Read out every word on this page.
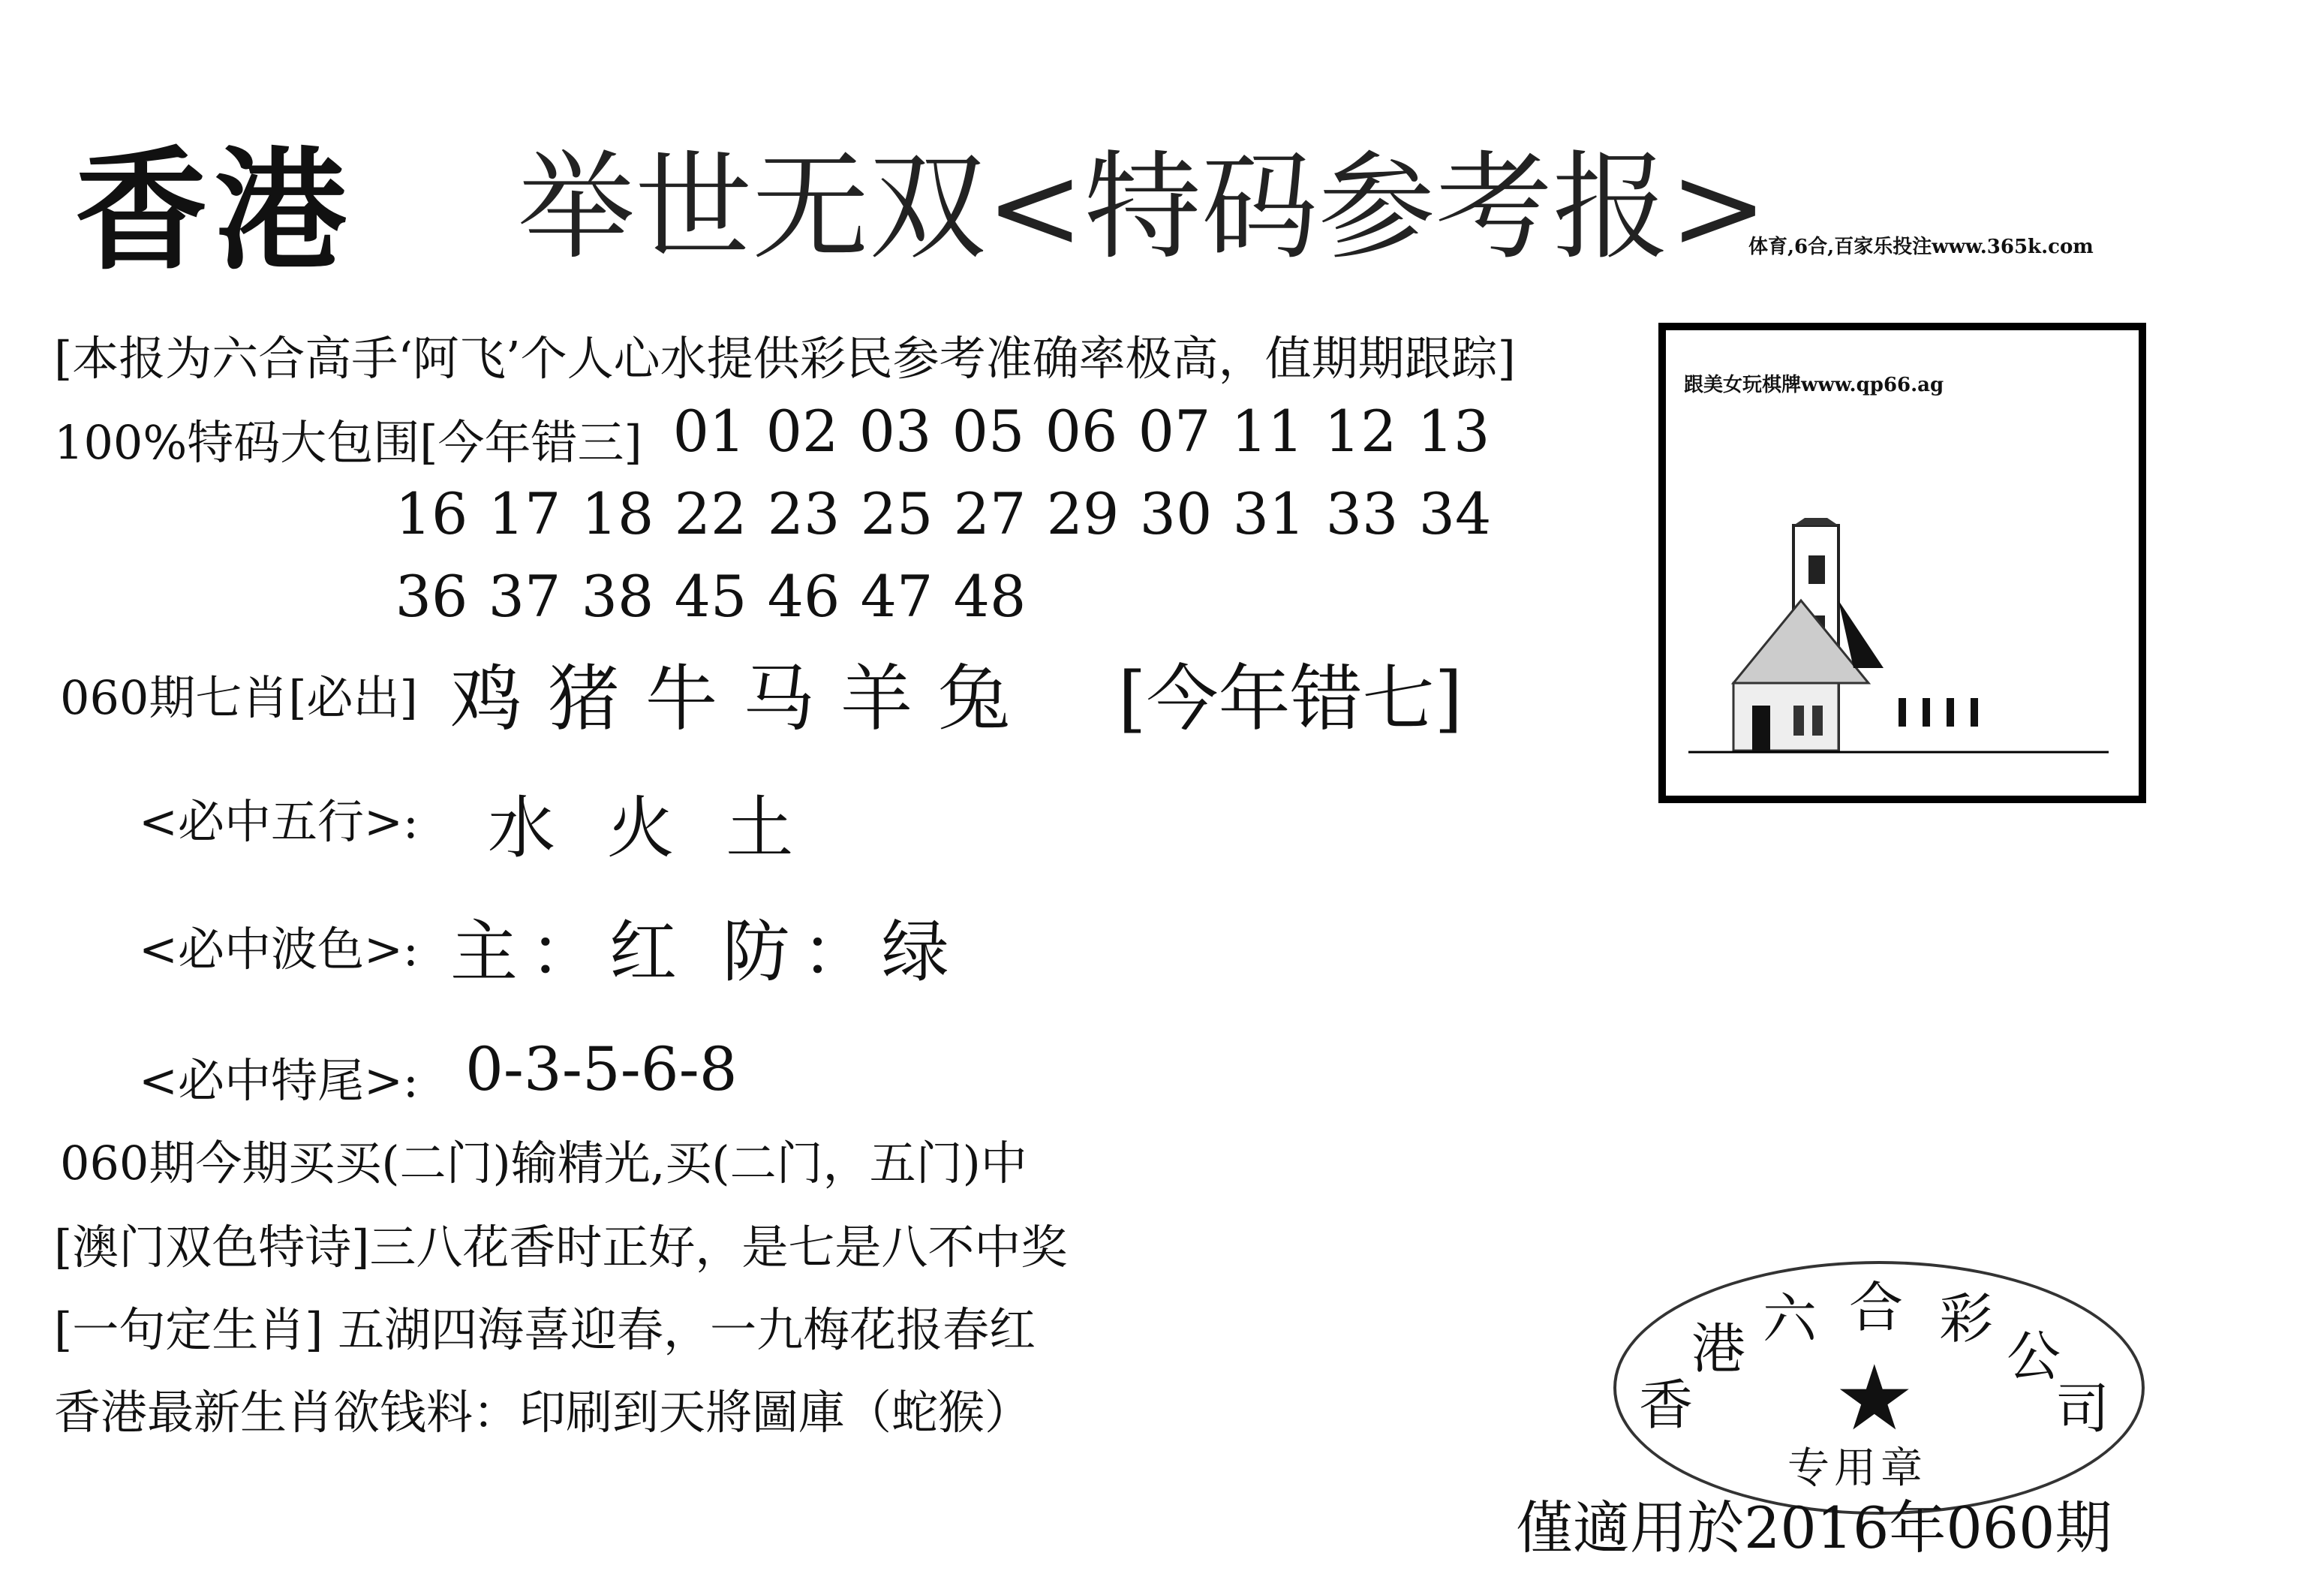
香港 举世无双<特码参考报>
体育,6合,百家乐投注www.365k.com
[本报为六合高手‘阿飞’个人心水提供彩民参考准确率极高，值期期跟踪]
100%特码大包围[今年错三] 01 02 03 05 06 07 11 12 13
16 17 18 22 23 25 27 29 30 31 33 34
36 37 38 45 46 47 48
060期七肖[必出] 鸡猪牛马羊兔 [今年错七]
<必中五行>: 水 火 土
<必中波色>: 主：红 防：绿
<必中特尾>: 0-3-5-6-8
060期今期买买(二门)输精光,买(二门，五门)中
[澳门双色特诗]三八花香时正好，是七是八不中奖
[一句定生肖] 五湖四海喜迎春，一九梅花报春红
香港最新生肖欲钱料：印刷到天將圖庫（蛇猴）
跟美女玩棋牌www.qp66.ag
香
港 六 合 彩
公
司
★
专用章
僅適用於2016年060期
